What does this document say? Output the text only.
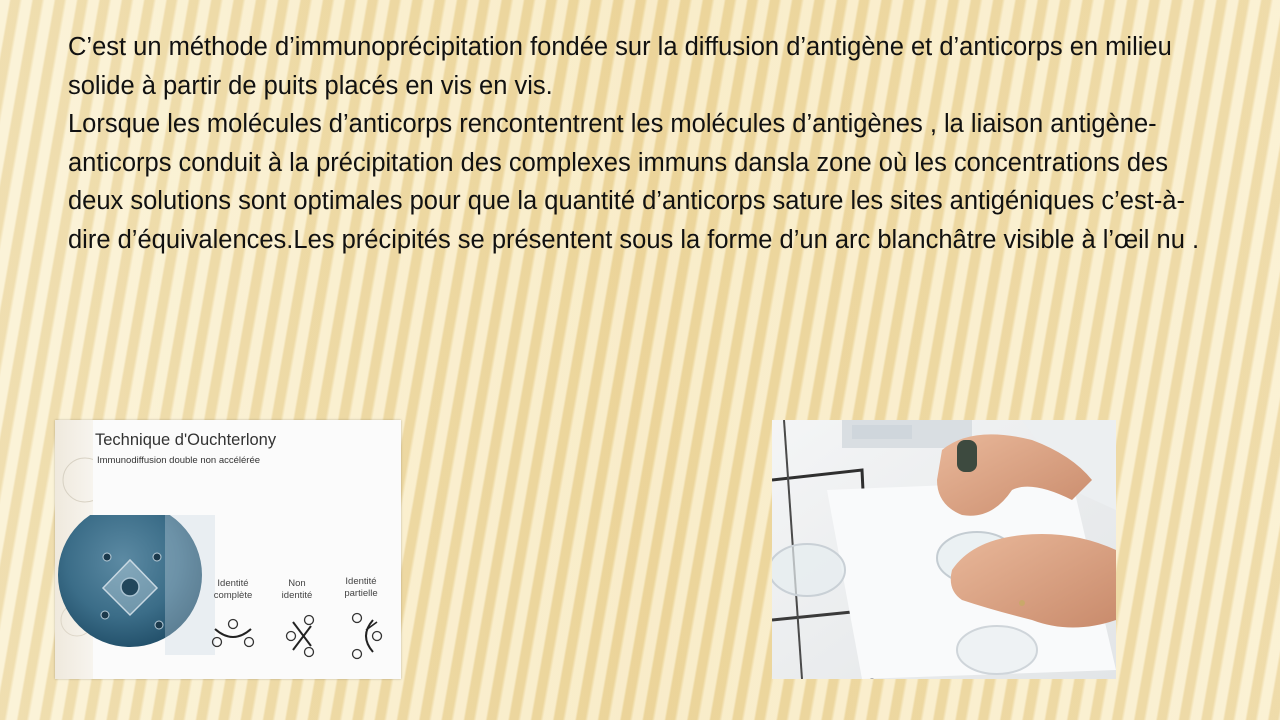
C’est un méthode d’immunoprécipitation fondée sur la diffusion d’antigène et d’anticorps en milieu solide à partir de puits placés en vis en vis.

Lorsque les molécules d’anticorps rencontentrent les molécules d’antigènes , la liaison antigène-anticorps conduit à la précipitation des complexes immuns dansla zone où les concentrations des deux solutions sont optimales pour que la quantité d’anticorps sature les sites antigéniques c’est-à-dire d’équivalences.Les précipités se présentent sous la forme d’un arc blanchâtre visible à l’œil nu .

Technique d'Ouchterlony
Immunodiffusion double non accélérée
Identité
complète
Non
identité
Identité
partielle
